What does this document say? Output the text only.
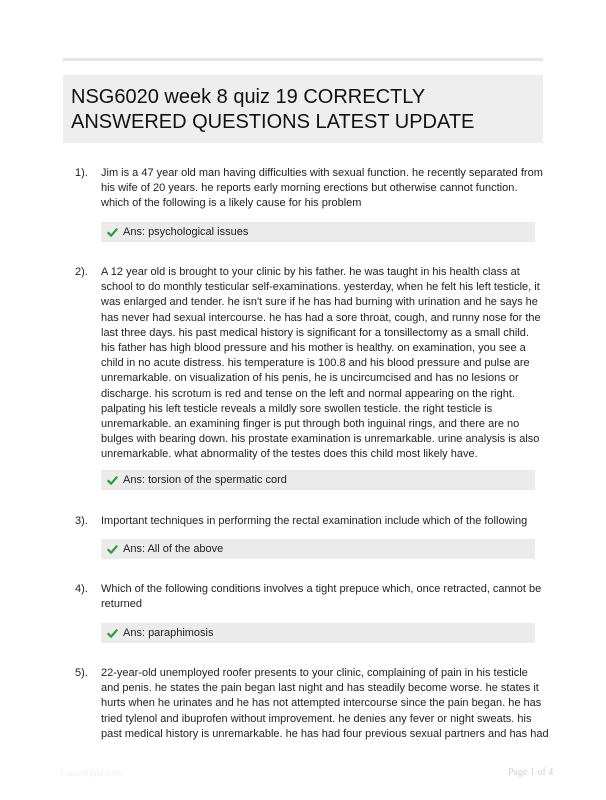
NSG6020 week 8 quiz 19 CORRECTLY
ANSWERED QUESTIONS LATEST UPDATE
1). Jim is a 47 year old man having difficulties with sexual function. he recently separated from
his wife of 20 years. he reports early morning erections but otherwise cannot function.
which of the following is a likely cause for his problem
Ans: psychological issues
2). A 12 year old is brought to your clinic by his father. he was taught in his health class at
school to do monthly testicular self-examinations. yesterday, when he felt his left testicle, it
was enlarged and tender. he isn't sure if he has had burning with urination and he says he
has never had sexual intercourse. he has had a sore throat, cough, and runny nose for the
last three days. his past medical history is significant for a tonsillectomy as a small child.
his father has high blood pressure and his mother is healthy. on examination, you see a
child in no acute distress. his temperature is 100.8 and his blood pressure and pulse are
unremarkable. on visualization of his penis, he is uncircumcised and has no lesions or
discharge. his scrotum is red and tense on the left and normal appearing on the right.
palpating his left testicle reveals a mildly sore swollen testicle. the right testicle is
unremarkable. an examining finger is put through both inguinal rings, and there are no
bulges with bearing down. his prostate examination is unremarkable. urine analysis is also
unremarkable. what abnormality of the testes does this child most likely have.
Ans: torsion of the spermatic cord
3). Important techniques in performing the rectal examination include which of the following
Ans: All of the above
4). Which of the following conditions involves a tight prepuce which, once retracted, cannot be
returned
Ans: paraphimosis
5). 22-year-old unemployed roofer presents to your clinic, complaining of pain in his testicle
and penis. he states the pain began last night and has steadily become worse. he states it
hurts when he urinates and he has not attempted intercourse since the pain began. he has
tried tylenol and ibuprofen without improvement. he denies any fever or night sweats. his
past medical history is unremarkable. he has had four previous sexual partners and has had
Papertriple.com	Page 1 of 4
